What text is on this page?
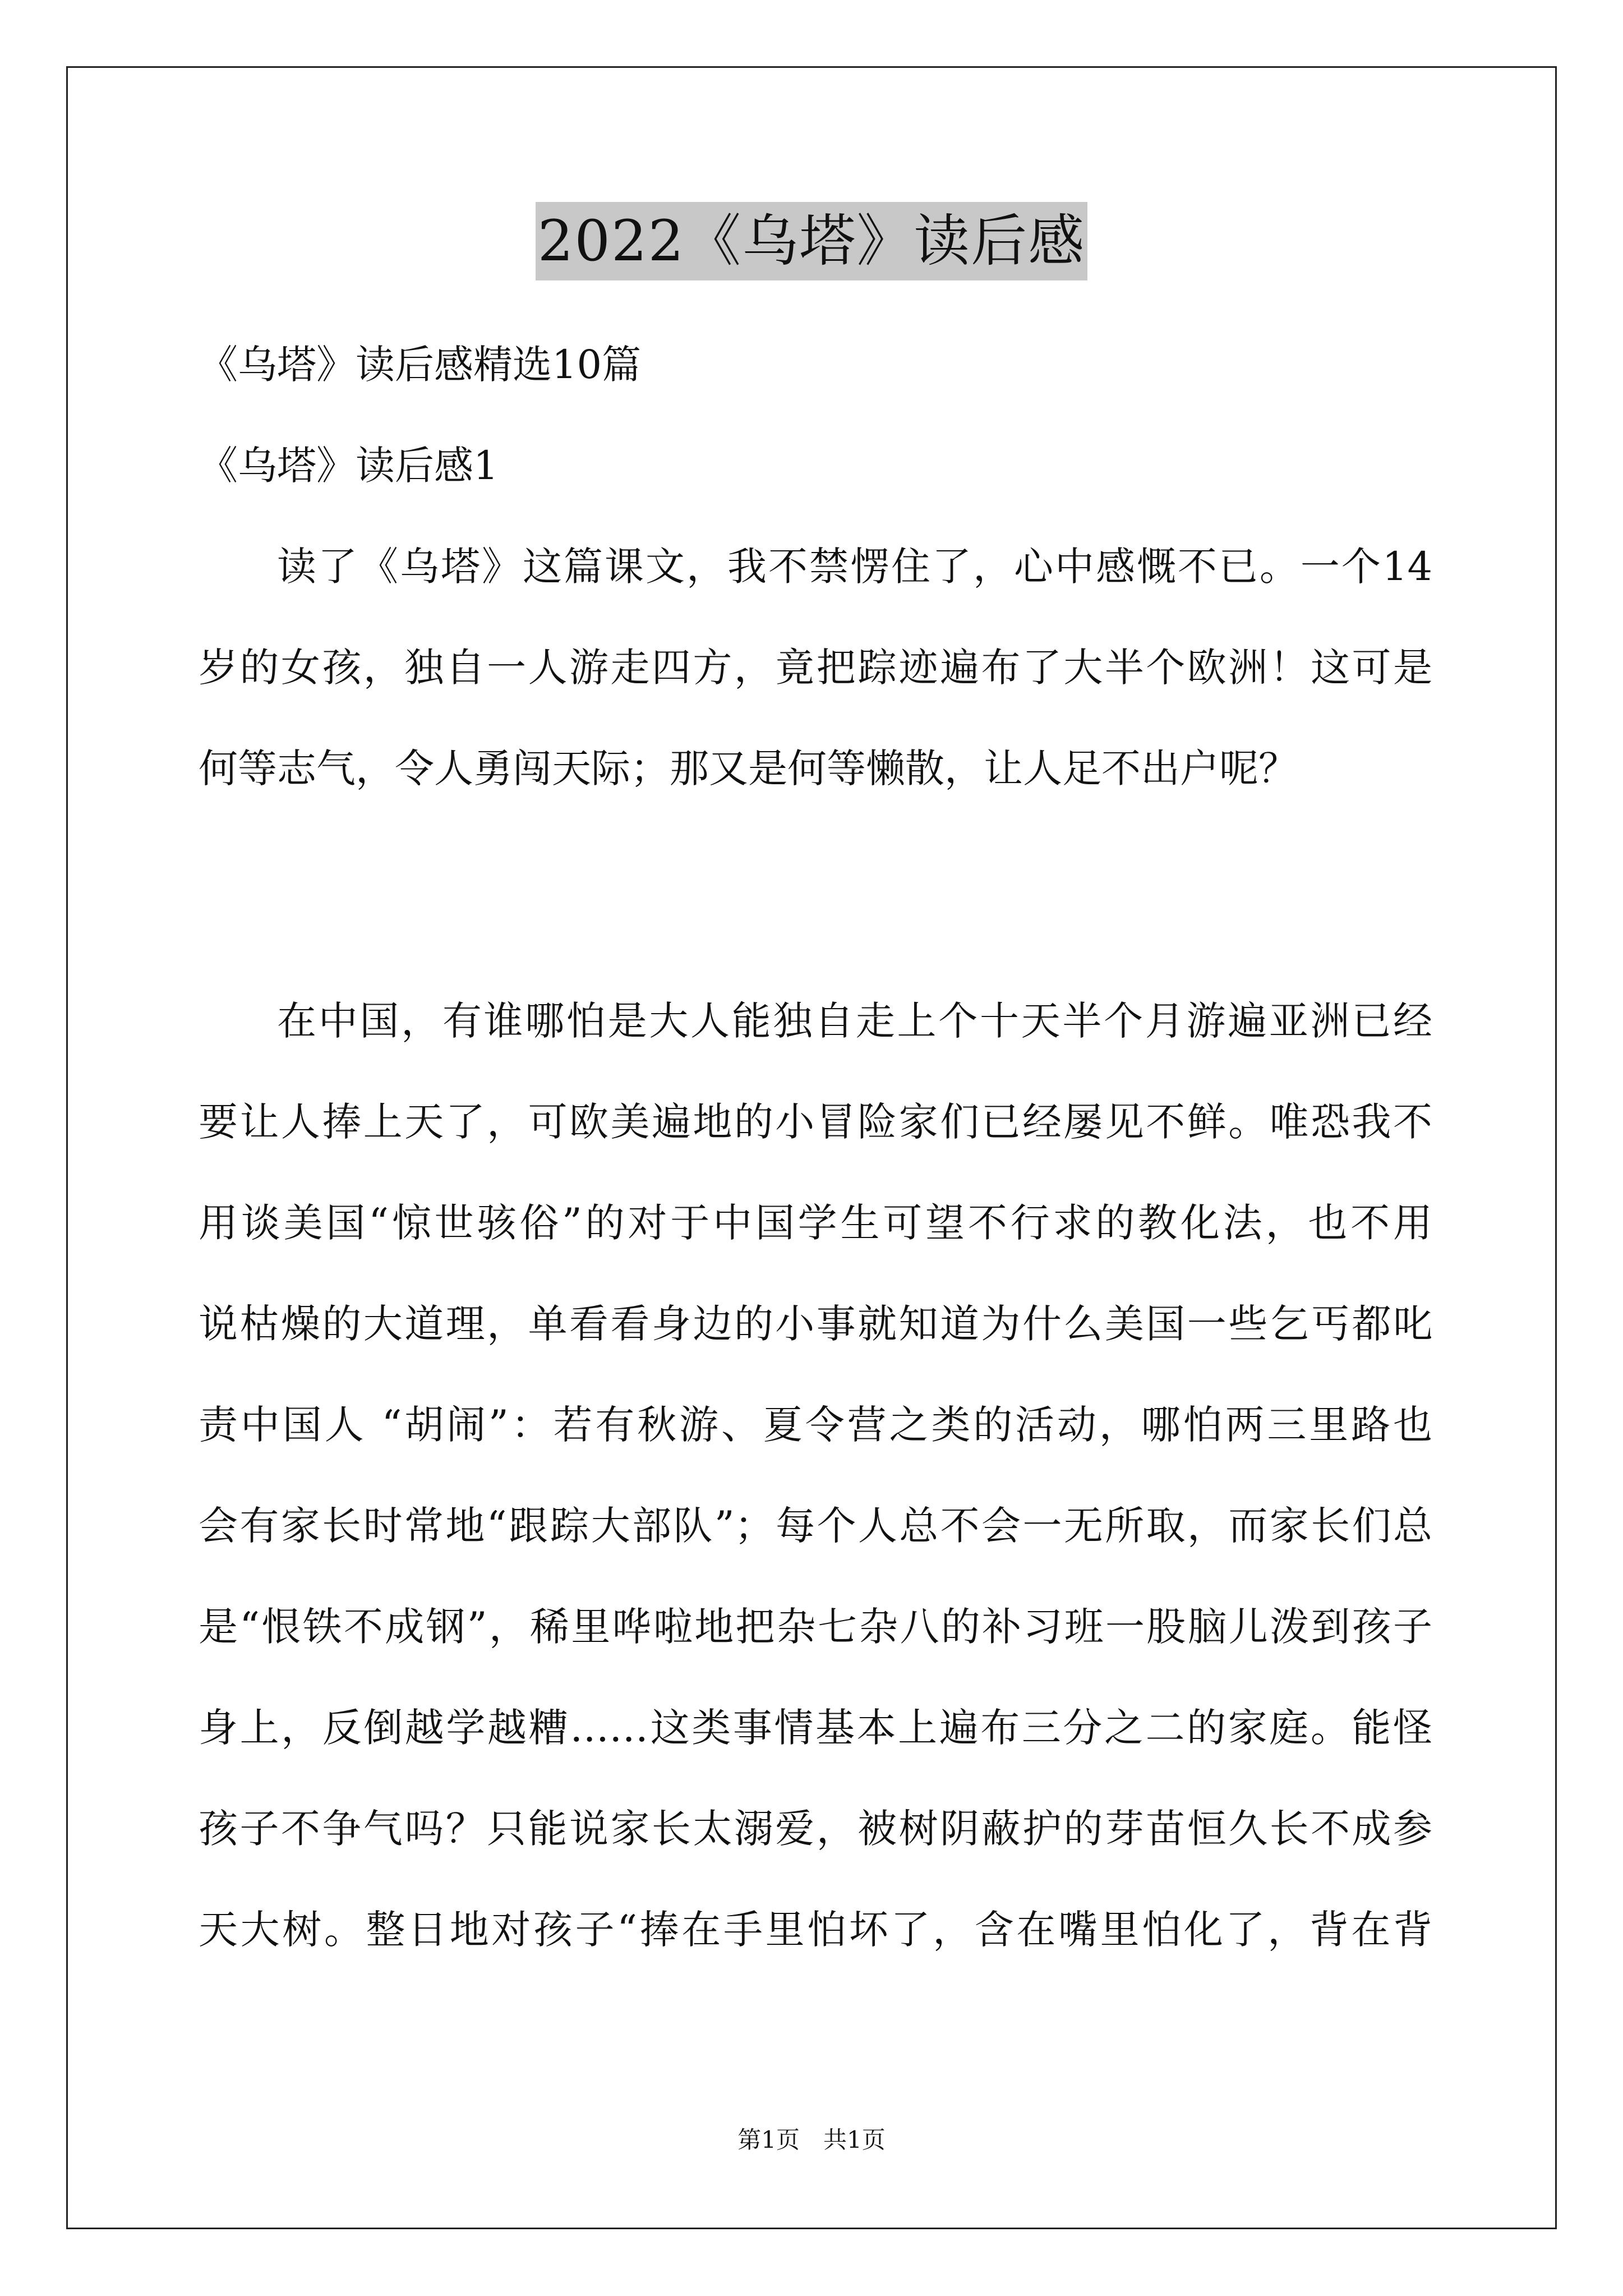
2022《乌塔》读后感
《乌塔》读后感精选10篇
《乌塔》读后感1
读了《乌塔》这篇课文，我不禁愣住了，心中感慨不已。一个14
岁的女孩，独自一人游走四方，竟把踪迹遍布了大半个欧洲！这可是
何等志气，令人勇闯天际；那又是何等懒散，让人足不出户呢？
在中国，有谁哪怕是大人能独自走上个十天半个月游遍亚洲已经
要让人捧上天了，可欧美遍地的小冒险家们已经屡见不鲜。唯恐我不
用谈美国“惊世骇俗”的对于中国学生可望不行求的教化法，也不用
说枯燥的大道理，单看看身边的小事就知道为什么美国一些乞丐都叱
责中国人 “胡闹”：若有秋游、夏令营之类的活动，哪怕两三里路也
会有家长时常地“跟踪大部队”；每个人总不会一无所取，而家长们总
是“恨铁不成钢”，稀里哗啦地把杂七杂八的补习班一股脑儿泼到孩子
身上，反倒越学越糟……这类事情基本上遍布三分之二的家庭。能怪
孩子不争气吗？只能说家长太溺爱，被树阴蔽护的芽苗恒久长不成参
天大树。整日地对孩子“捧在手里怕坏了，含在嘴里怕化了，背在背
第1页　共1页
